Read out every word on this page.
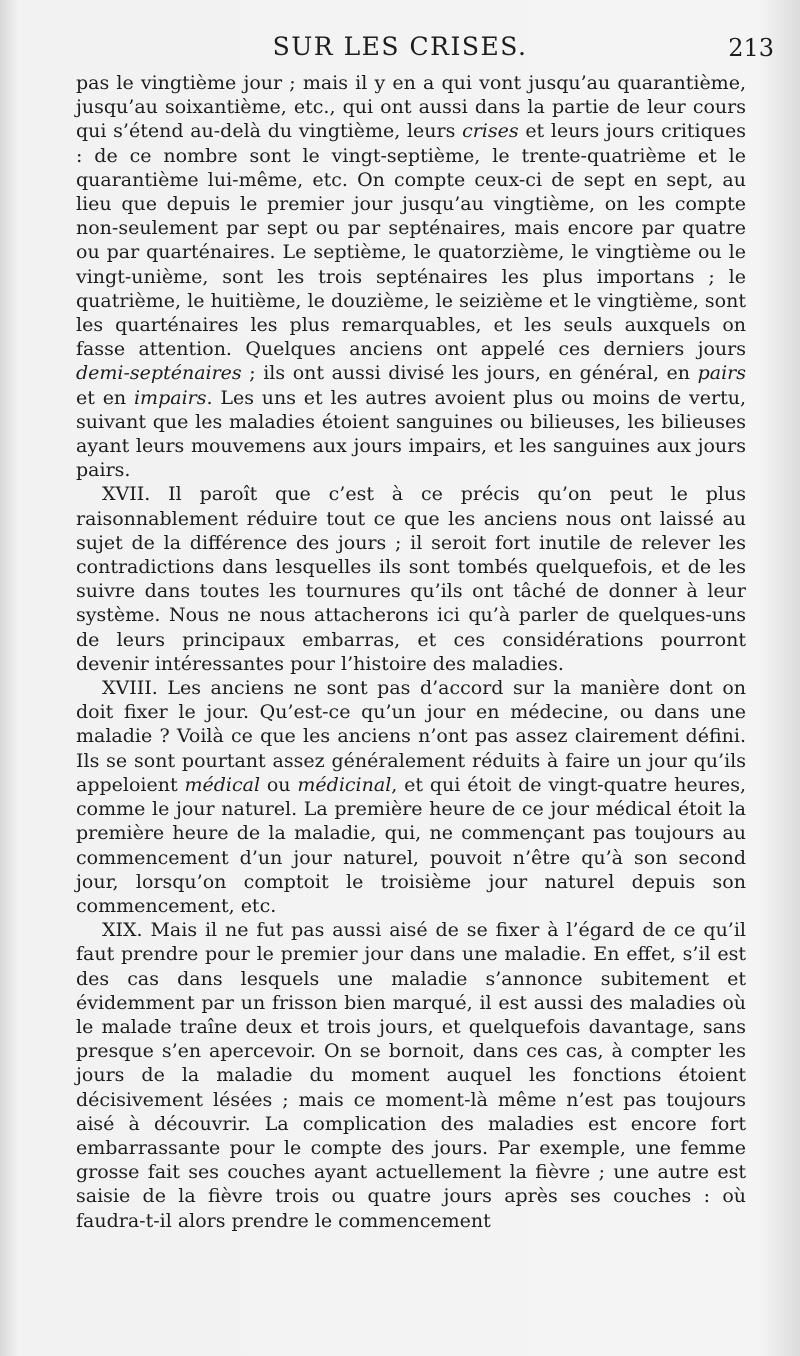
SUR LES CRISES.	213

pas le vingtième jour ; mais il y en a qui vont jusqu’au quarantième, jusqu’au soixantième, etc., qui ont aussi dans la partie de leur cours qui s’étend au-delà du vingtième, leurs crises et leurs jours critiques : de ce nombre sont le vingt-septième, le trente-quatrième et le quarantième lui-même, etc. On compte ceux-ci de sept en sept, au lieu que depuis le premier jour jusqu’au vingtième, on les compte non-seulement par sept ou par septénaires, mais encore par quatre ou par quarténaires. Le septième, le quatorzième, le vingtième ou le vingt-unième, sont les trois septénaires les plus importans ; le quatrième, le huitième, le douzième, le seizième et le vingtième, sont les quarténaires les plus remarquables, et les seuls auxquels on fasse attention. Quelques anciens ont appelé ces derniers jours demi-septénaires ; ils ont aussi divisé les jours, en général, en pairs et en impairs. Les uns et les autres avoient plus ou moins de vertu, suivant que les maladies étoient sanguines ou bilieuses, les bilieuses ayant leurs mouvemens aux jours impairs, et les sanguines aux jours pairs.

XVII. Il paroît que c’est à ce précis qu’on peut le plus raisonnablement réduire tout ce que les anciens nous ont laissé au sujet de la différence des jours ; il seroit fort inutile de relever les contradictions dans lesquelles ils sont tombés quelquefois, et de les suivre dans toutes les tournures qu’ils ont tâché de donner à leur système. Nous ne nous attacherons ici qu’à parler de quelques-uns de leurs principaux embarras, et ces considérations pourront devenir intéressantes pour l’histoire des maladies.

XVIII. Les anciens ne sont pas d’accord sur la manière dont on doit fixer le jour. Qu’est-ce qu’un jour en médecine, ou dans une maladie ? Voilà ce que les anciens n’ont pas assez clairement défini. Ils se sont pourtant assez généralement réduits à faire un jour qu’ils appeloient médical ou médicinal, et qui étoit de vingt-quatre heures, comme le jour naturel. La première heure de ce jour médical étoit la première heure de la maladie, qui, ne commençant pas toujours au commencement d’un jour naturel, pouvoit n’être qu’à son second jour, lorsqu’on comptoit le troisième jour naturel depuis son commencement, etc.

XIX. Mais il ne fut pas aussi aisé de se fixer à l’égard de ce qu’il faut prendre pour le premier jour dans une maladie. En effet, s’il est des cas dans lesquels une maladie s’annonce subitement et évidemment par un frisson bien marqué, il est aussi des maladies où le malade traîne deux et trois jours, et quelquefois davantage, sans presque s’en apercevoir. On se bornoit, dans ces cas, à compter les jours de la maladie du moment auquel les fonctions étoient décisivement lésées ; mais ce moment-là même n’est pas toujours aisé à découvrir. La complication des maladies est encore fort embarrassante pour le compte des jours. Par exemple, une femme grosse fait ses couches ayant actuellement la fièvre ; une autre est saisie de la fièvre trois ou quatre jours après ses couches : où faudra-t-il alors prendre le commencement
